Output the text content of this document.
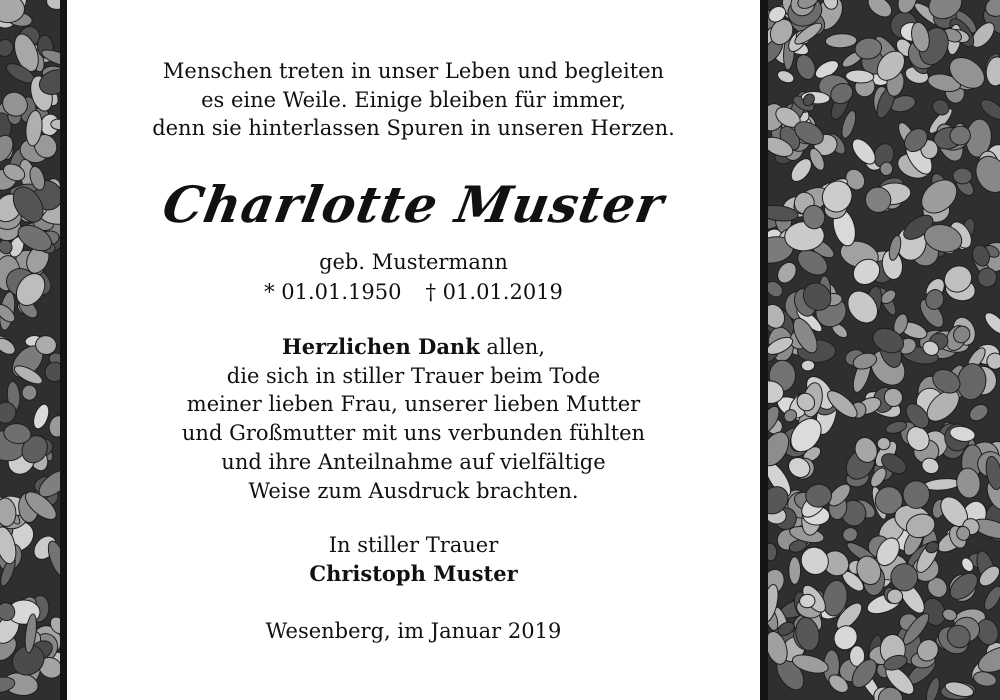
Menschen treten in unser Leben und begleiten
es eine Weile. Einige bleiben für immer,
denn sie hinterlassen Spuren in unseren Herzen.
Charlotte Muster
geb. Mustermann
* 01.01.1950 † 01.01.2019
Herzlichen Dank allen,
die sich in stiller Trauer beim Tode
meiner lieben Frau, unserer lieben Mutter
und Großmutter mit uns verbunden fühlten
und ihre Anteilnahme auf vielfältige
Weise zum Ausdruck brachten.
In stiller Trauer
Christoph Muster
Wesenberg, im Januar 2019
